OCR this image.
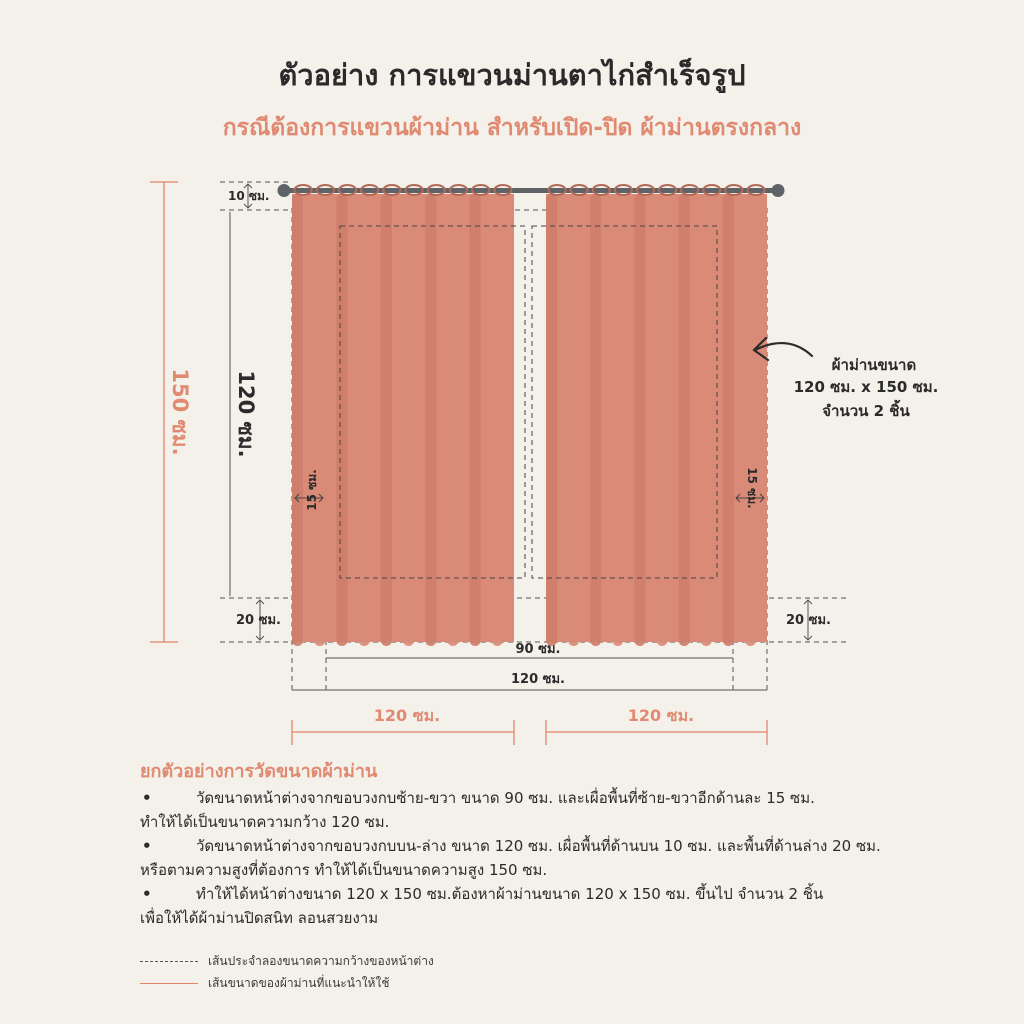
ตัวอย่าง การแขวนม่านตาไก่สำเร็จรูป
กรณีต้องการแขวนผ้าม่าน สำหรับเปิด-ปิด ผ้าม่านตรงกลาง
150 ซม. 120 ซม.
10 ซม.
20 ซม.	20 ซม.
15 ซม.	15 ซม.
90 ซม.
120 ซม.
120 ซม.	120 ซม.
ผ้าม่านขนาด
120 ซม. x 150 ซม.
จำนวน 2 ชิ้น
ยกตัวอย่างการวัดขนาดผ้าม่าน

•	วัดขนาดหน้าต่างจากขอบวงกบซ้าย-ขวา ขนาด 90 ซม. และเผื่อพื้นที่ซ้าย-ขวาอีกด้านละ 15 ซม.
ทำให้ได้เป็นขนาดความกว้าง 120 ซม.

•	วัดขนาดหน้าต่างจากขอบวงกบบน-ล่าง ขนาด 120 ซม. เผื่อพื้นที่ด้านบน 10 ซม. และพื้นที่ด้านล่าง 20 ซม.
หรือตามความสูงที่ต้องการ ทำให้ได้เป็นขนาดความสูง 150 ซม.

•	ทำให้ได้หน้าต่างขนาด 120 x 150 ซม.ต้องหาผ้าม่านขนาด 120 x 150 ซม. ขึ้นไป จำนวน 2 ชิ้น
เพื่อให้ได้ผ้าม่านปิดสนิท ลอนสวยงาม

เส้นประจำลองขนาดความกว้างของหน้าต่าง
เส้นขนาดของผ้าม่านที่แนะนำให้ใช้
